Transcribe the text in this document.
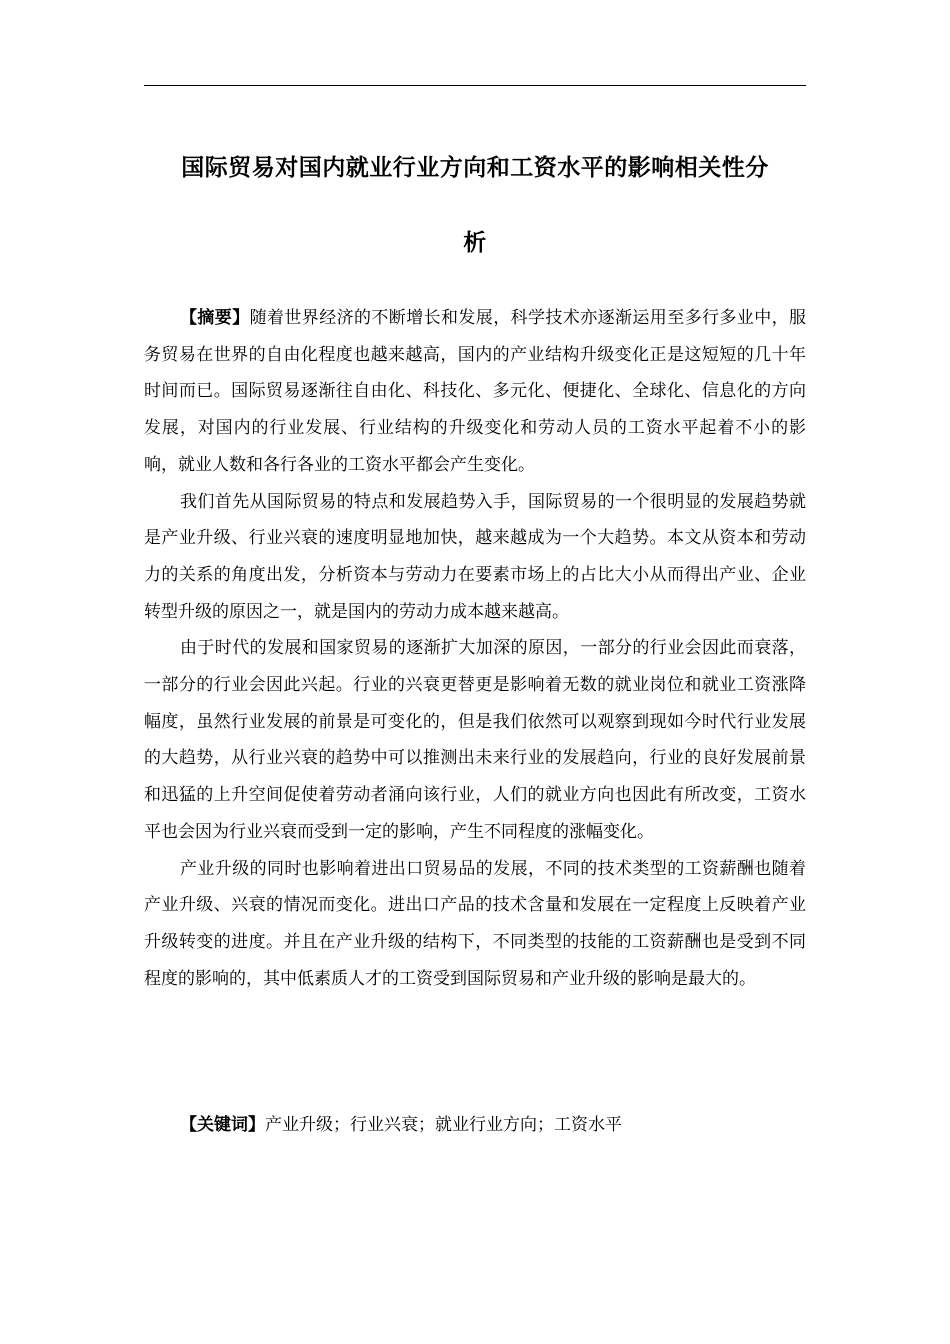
国际贸易对国内就业行业方向和工资水平的影响相关性分
析

【摘要】随着世界经济的不断增长和发展，科学技术亦逐渐运用至多行多业中，服务贸易在世界的自由化程度也越来越高，国内的产业结构升级变化正是这短短的几十年时间而已。国际贸易逐渐往自由化、科技化、多元化、便捷化、全球化、信息化的方向发展，对国内的行业发展、行业结构的升级变化和劳动人员的工资水平起着不小的影响，就业人数和各行各业的工资水平都会产生变化。

我们首先从国际贸易的特点和发展趋势入手，国际贸易的一个很明显的发展趋势就是产业升级、行业兴衰的速度明显地加快，越来越成为一个大趋势。本文从资本和劳动力的关系的角度出发，分析资本与劳动力在要素市场上的占比大小从而得出产业、企业转型升级的原因之一，就是国内的劳动力成本越来越高。

由于时代的发展和国家贸易的逐渐扩大加深的原因，一部分的行业会因此而衰落，一部分的行业会因此兴起。行业的兴衰更替更是影响着无数的就业岗位和就业工资涨降幅度，虽然行业发展的前景是可变化的，但是我们依然可以观察到现如今时代行业发展的大趋势，从行业兴衰的趋势中可以推测出未来行业的发展趋向，行业的良好发展前景和迅猛的上升空间促使着劳动者涌向该行业，人们的就业方向也因此有所改变，工资水平也会因为行业兴衰而受到一定的影响，产生不同程度的涨幅变化。

产业升级的同时也影响着进出口贸易品的发展，不同的技术类型的工资薪酬也随着产业升级、兴衰的情况而变化。进出口产品的技术含量和发展在一定程度上反映着产业升级转变的进度。并且在产业升级的结构下，不同类型的技能的工资薪酬也是受到不同程度的影响的，其中低素质人才的工资受到国际贸易和产业升级的影响是最大的。

【关键词】产业升级；行业兴衰；就业行业方向；工资水平
